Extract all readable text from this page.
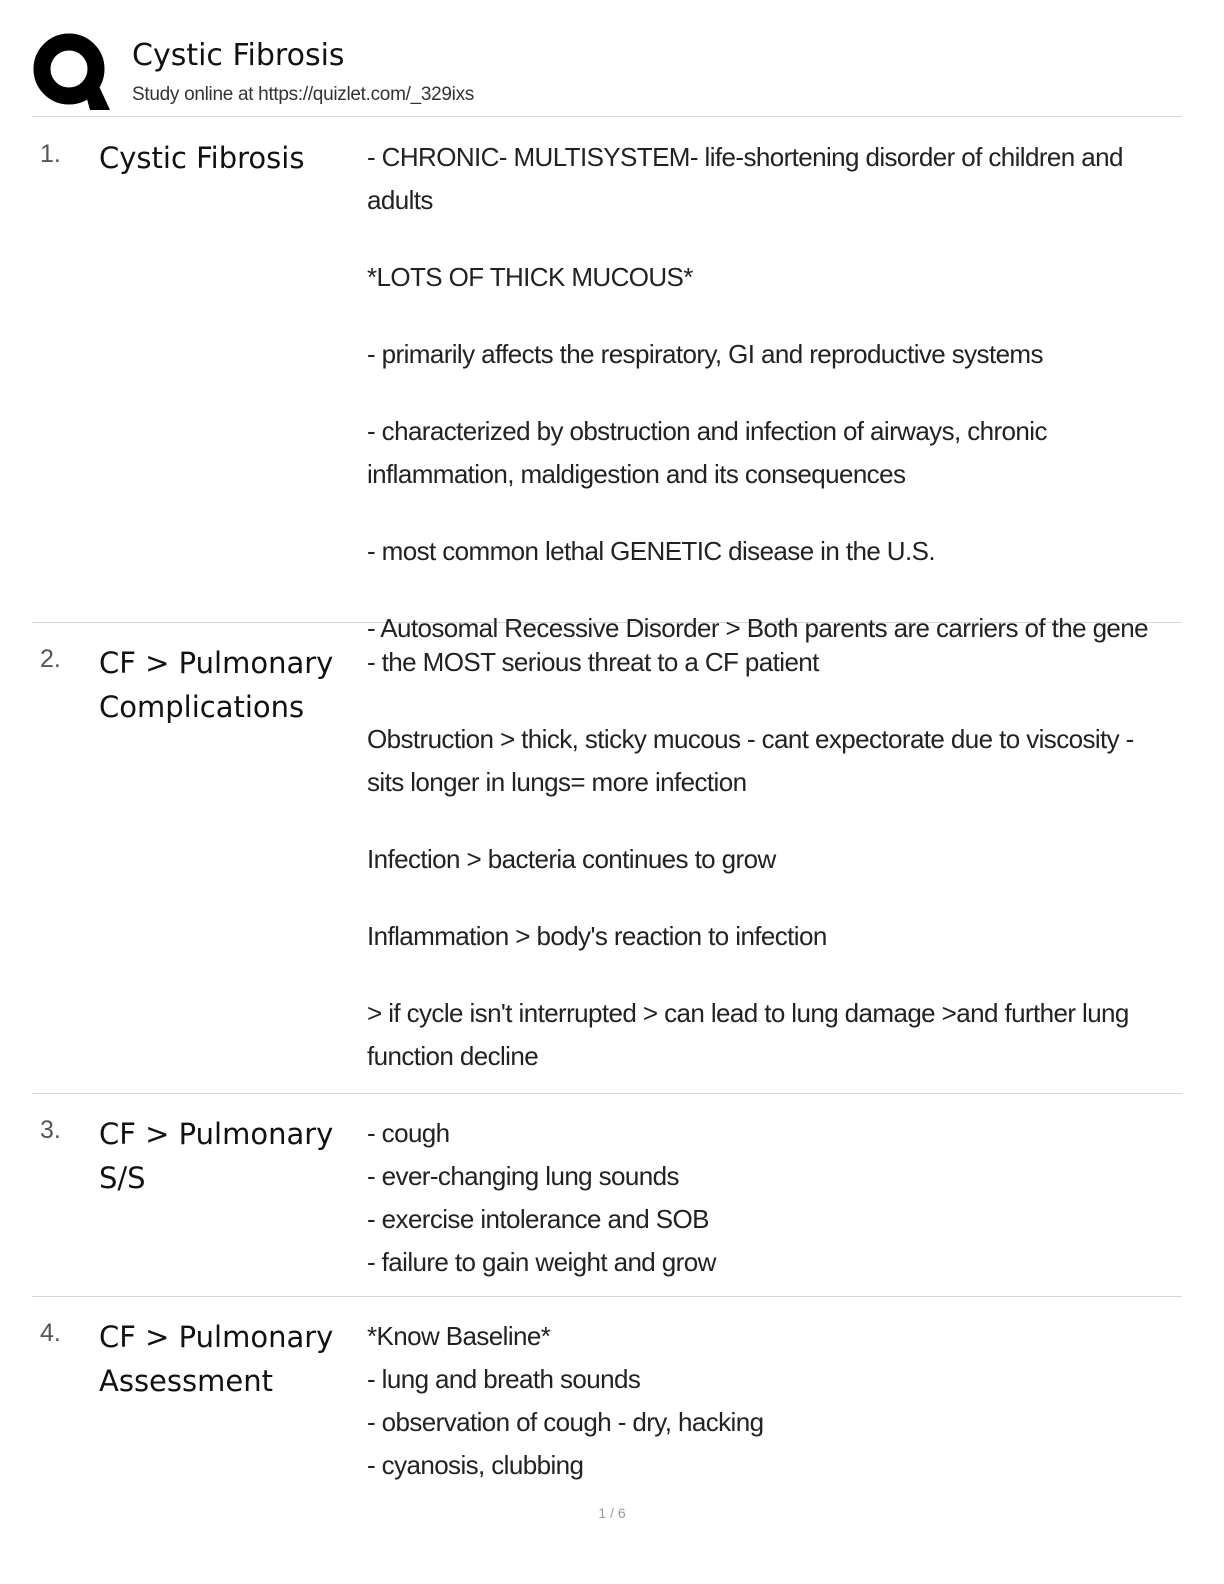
Cystic Fibrosis
Study online at https://quizlet.com/_329ixs
1. Cystic Fibrosis	- CHRONIC- MULTISYSTEM- life-shortening disorder of children and adults

*LOTS OF THICK MUCOUS*

- primarily affects the respiratory, GI and reproductive systems

- characterized by obstruction and infection of airways, chronic inflammation, maldigestion and its consequences

- most common lethal GENETIC disease in the U.S.

- Autosomal Recessive Disorder > Both parents are carriers of the gene

2. CF > Pulmonary Complications

- the MOST serious threat to a CF patient

Obstruction > thick, sticky mucous - cant expectorate due to viscosity - sits longer in lungs= more infection

Infection > bacteria continues to grow

Inflammation > body's reaction to infection

> if cycle isn't interrupted > can lead to lung damage >and further lung function decline

3. CF > Pulmonary S/S

- cough

- ever-changing lung sounds

- exercise intolerance and SOB

- failure to gain weight and grow

4. CF > Pulmonary Assessment

*Know Baseline*

- lung and breath sounds

- observation of cough - dry, hacking

- cyanosis, clubbing

1 / 6
